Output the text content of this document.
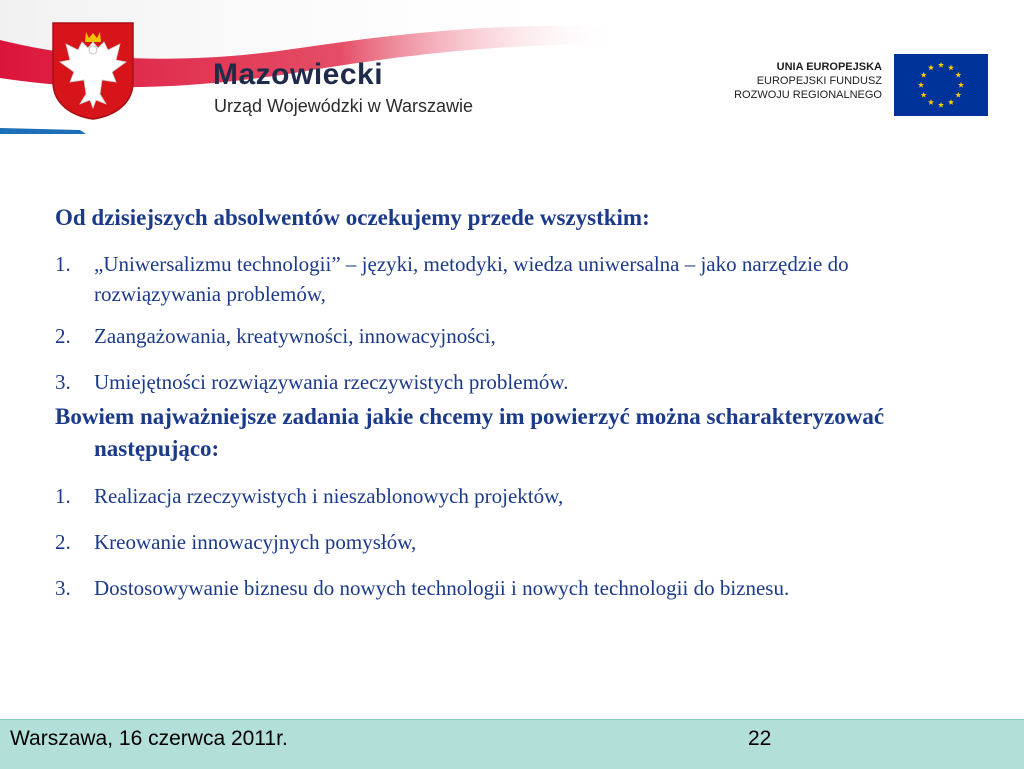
Mazowiecki
Urząd Wojewódzki w Warszawie
UNIA EUROPEJSKA
EUROPEJSKI FUNDUSZ
ROZWOJU REGIONALNEGO

Od dzisiejszych absolwentów oczekujemy przede wszystkim:

1. „Uniwersalizmu technologii” – języki, metodyki, wiedza uniwersalna – jako narzędzie do rozwiązywania problemów,
2. Zaangażowania, kreatywności, innowacyjności,
3. Umiejętności rozwiązywania rzeczywistych problemów.

Bowiem najważniejsze zadania jakie chcemy im powierzyć można scharakteryzować następująco:

1. Realizacja rzeczywistych i nieszablonowych projektów,
2. Kreowanie innowacyjnych pomysłów,
3. Dostosowywanie biznesu do nowych technologii i nowych technologii do biznesu.
Warszawa, 16 czerwca 2011r.	22
